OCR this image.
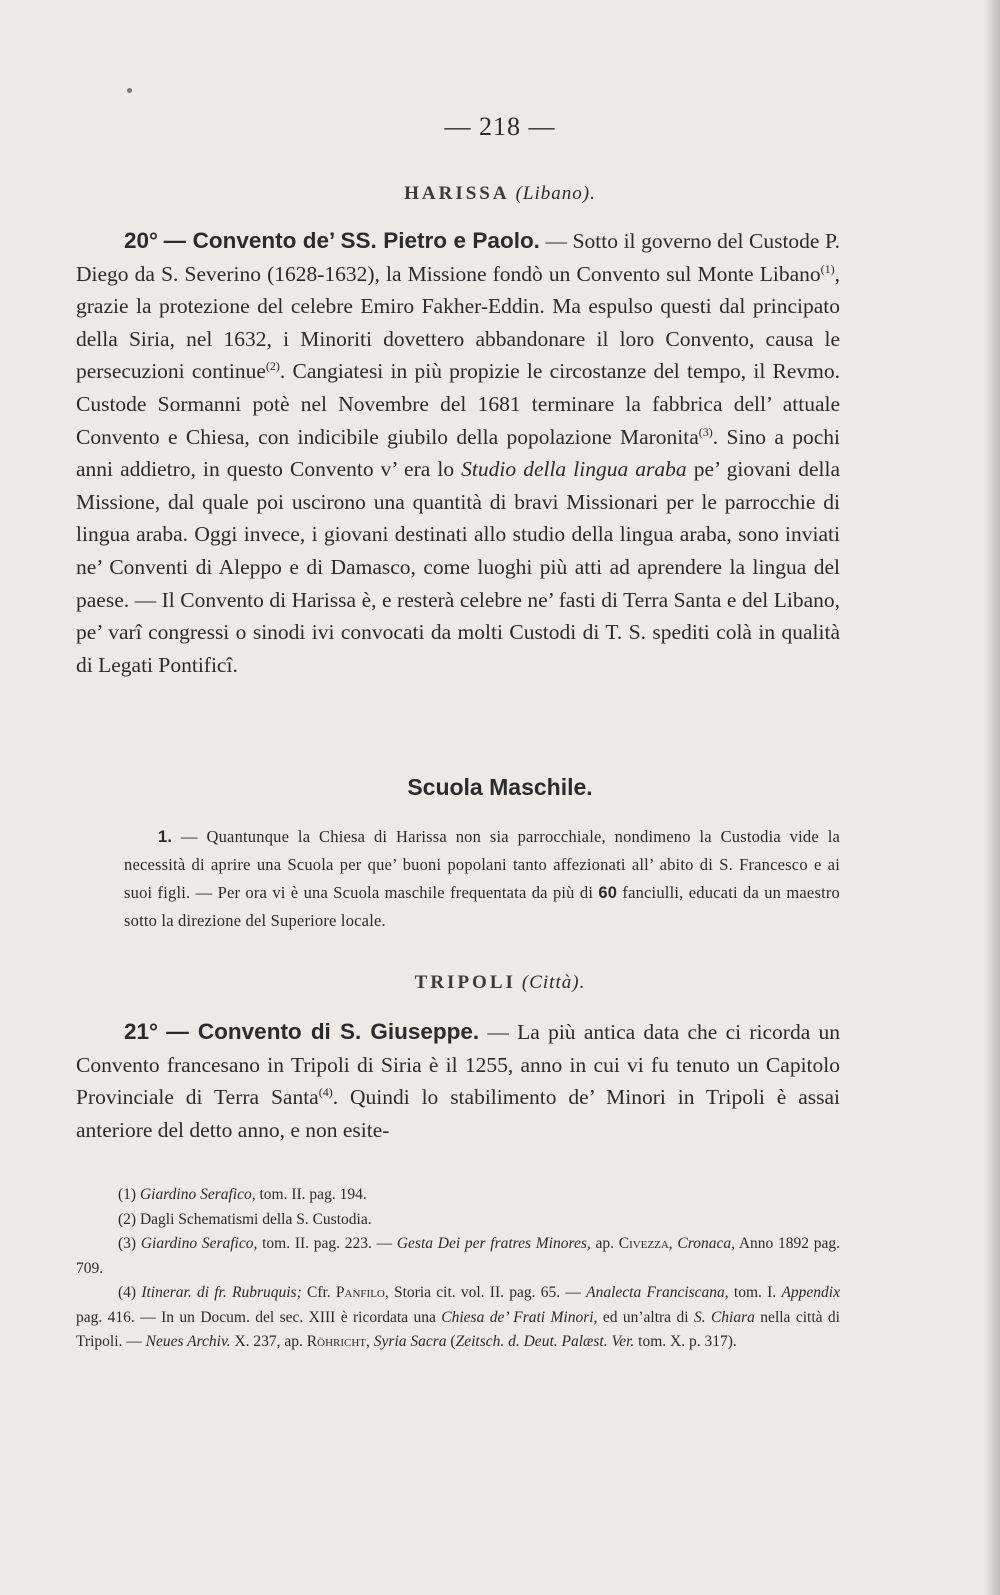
— 218 —
HARISSA (Libano).
20° — Convento de’ SS. Pietro e Paolo. — Sotto il governo del Custode P. Diego da S. Severino (1628-1632), la Missione fondò un Convento sul Monte Libano$^{(1)}$, grazie la protezione del celebre Emiro Fakher-Eddin. Ma espulso questi dal principato della Siria, nel 1632, i Minoriti dovettero abbandonare il loro Convento, causa le persecuzioni continue$^{(2)}$. Cangiatesi in più propizie le circostanze del tempo, il Revmo. Custode Sormanni potè nel Novembre del 1681 terminare la fabbrica dell’ attuale Convento e Chiesa, con indicibile giubilo della popolazione Maronita$^{(3)}$. Sino a pochi anni addietro, in questo Convento v’ era lo Studio della lingua araba pe’ giovani della Missione, dal quale poi uscirono una quantità di bravi Missionari per le parrocchie di lingua araba. Oggi invece, i giovani destinati allo studio della lingua araba, sono inviati ne’ Conventi di Aleppo e di Damasco, come luoghi più atti ad aprendere la lingua del paese. — Il Convento di Harissa è, e resterà celebre ne’ fasti di Terra Santa e del Libano, pe’ varî congressi o sinodi ivi convocati da molti Custodi di T. S. spediti colà in qualità di Legati Pontificî.
Scuola Maschile.
1. — Quantunque la Chiesa di Harissa non sia parrocchiale, nondimeno la Custodia vide la necessità di aprire una Scuola per que’ buoni popolani tanto affezionati all’ abito di S. Francesco e ai suoi figli. — Per ora vi è una Scuola maschile frequentata da più di 60 fanciulli, educati da un maestro sotto la direzione del Superiore locale.
TRIPOLI (Città).
21° — Convento di S. Giuseppe. — La più antica data che ci ricorda un Convento francesano in Tripoli di Siria è il 1255, anno in cui vi fu tenuto un Capitolo Provinciale di Terra Santa$^{(4)}$. Quindi lo stabilimento de’ Minori in Tripoli è assai anteriore del detto anno, e non esite-
(1) Giardino Serafico, tom. II. pag. 194.
(2) Dagli Schematismi della S. Custodia.
(3) Giardino Serafico, tom. II. pag. 223. — Gesta Dei per fratres Minores, ap. Civezza, Cronaca, Anno 1892 pag. 709.
(4) Itinerar. di fr. Rubruquis; Cfr. Panfilo, Storia cit. vol. II. pag. 65. — Analecta Franciscana, tom. I. Appendix pag. 416. — In un Docum. del sec. XIII è ricordata una Chiesa de’ Frati Minori, ed un’altra di S. Chiara nella città di Tripoli. — Neues Archiv. X. 237, ap. Röhricht, Syria Sacra (Zeitsch. d. Deut. Palæst. Ver. tom. X. p. 317).
